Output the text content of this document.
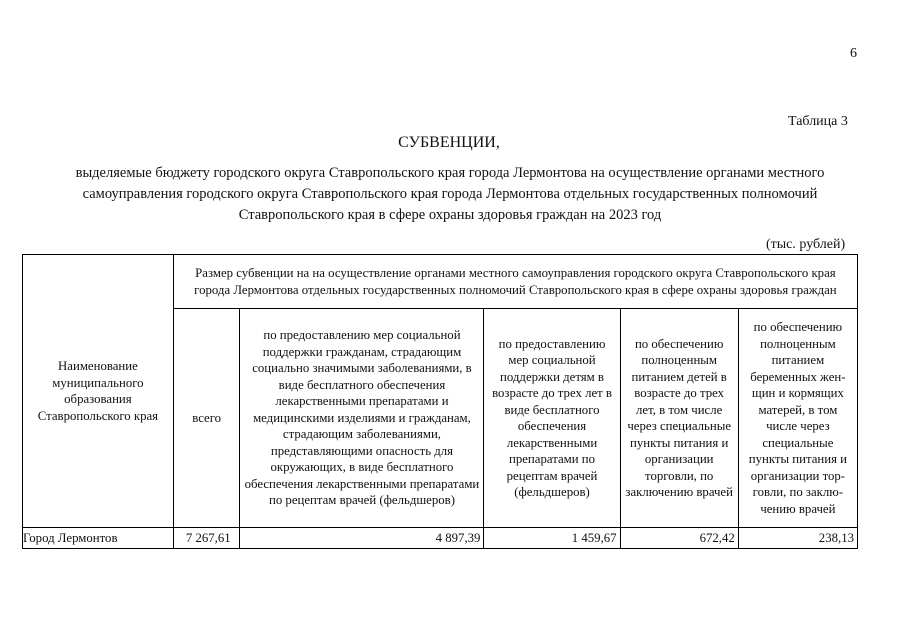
6
Таблица 3
СУБВЕНЦИИ,
выделяемые бюджету городского округа Ставропольского края города Лермонтова на осуществление органами местного
самоуправления городского округа Ставропольского края города Лермонтова отдельных государственных полномочий
Ставропольского края в сфере охраны здоровья граждан на 2023 год
(тыс. рублей)
Наименование муниципального образования Ставропольского края	Размер субвенции на на осуществление органами местного самоуправления городского округа Ставропольского края города Лермонтова отдельных государственных полномочий Ставропольского края в сфере охраны здоровья граждан				
	всего	по предоставлению мер социальной поддержки гражданам, страдающим социально значимыми заболеваниями, в виде бесплатного обеспечения лекарственными препаратами и медицинскими изделиями и гражданам, страдающим заболеваниями, представляющими опасность для окружающих, в виде бесплатного обеспечения лекарственными препаратами по рецептам врачей (фельдшеров)	по предоставлению мер социальной поддержки детям в возрасте до трех лет в виде бесплатного обеспечения лекарственными препаратами по рецептам врачей (фельдшеров)	по обеспечению полноценным питанием детей в возрасте до трех лет, в том числе через специальные пункты питания и организации торговли, по заключению врачей	по обеспечению полноценным питанием беременных жен-щин и кормящих матерей, в том числе через специальные пункты питания и организации тор-говли, по заклю-чению врачей
Город Лермонтов	7 267,61	4 897,39	1 459,67	672,42	238,13
